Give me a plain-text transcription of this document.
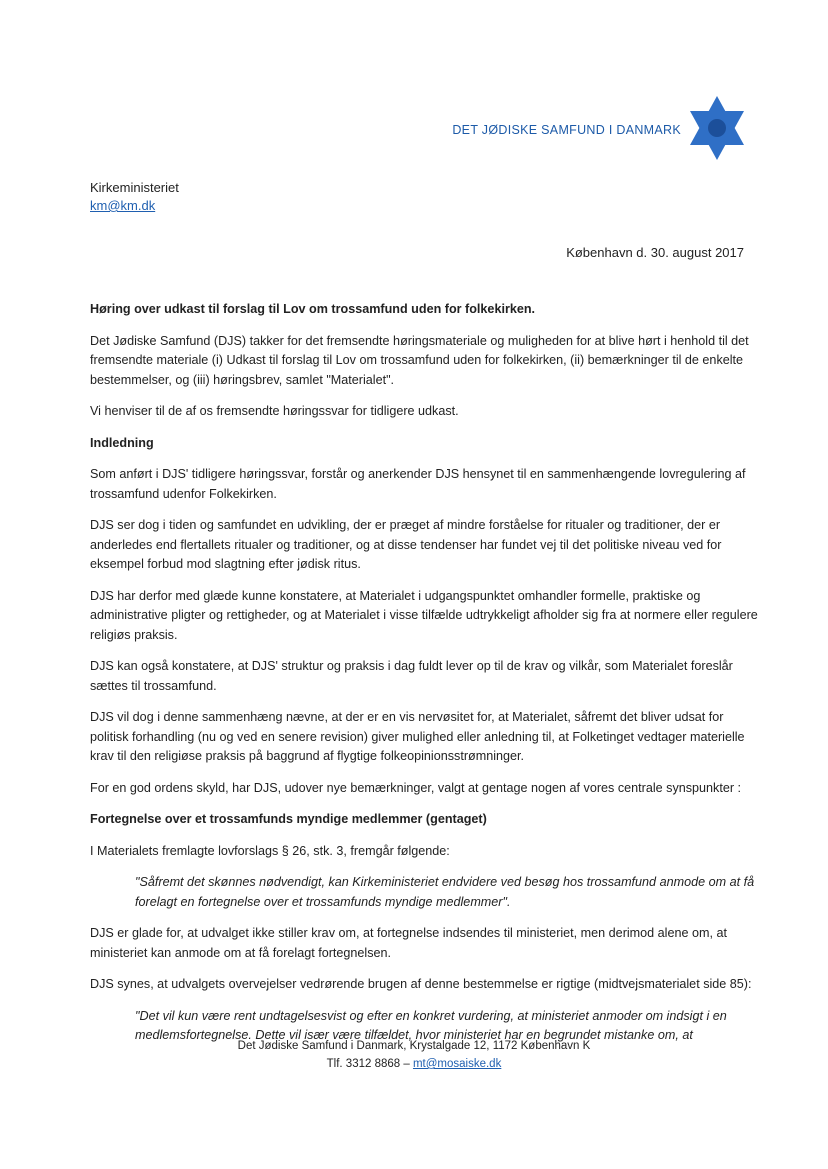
DET JØDISKE SAMFUND I DANMARK
Kirkeministeriet
km@km.dk
København d. 30. august 2017

Høring over udkast til forslag til Lov om trossamfund uden for folkekirken.

Det Jødiske Samfund (DJS) takker for det fremsendte høringsmateriale og muligheden for at blive hørt i henhold til det fremsendte materiale (i) Udkast til forslag til Lov om trossamfund uden for folkekirken, (ii) bemærkninger til de enkelte bestemmelser, og (iii) høringsbrev, samlet "Materialet".

Vi henviser til de af os fremsendte høringssvar for tidligere udkast.

Indledning

Som anført i DJS' tidligere høringssvar, forstår og anerkender DJS hensynet til en sammenhængende lovregulering af trossamfund udenfor Folkekirken.

DJS ser dog i tiden og samfundet en udvikling, der er præget af mindre forståelse for ritualer og traditioner, der er anderledes end flertallets ritualer og traditioner, og at disse tendenser har fundet vej til det politiske niveau ved for eksempel forbud mod slagtning efter jødisk ritus.

DJS har derfor med glæde kunne konstatere, at Materialet i udgangspunktet omhandler formelle, praktiske og administrative pligter og rettigheder, og at Materialet i visse tilfælde udtrykkeligt afholder sig fra at normere eller regulere religiøs praksis.

DJS kan også konstatere, at DJS' struktur og praksis i dag fuldt lever op til de krav og vilkår, som Materialet foreslår sættes til trossamfund.

DJS vil dog i denne sammenhæng nævne, at der er en vis nervøsitet for, at Materialet, såfremt det bliver udsat for politisk forhandling (nu og ved en senere revision) giver mulighed eller anledning til, at Folketinget vedtager materielle krav til den religiøse praksis på baggrund af flygtige folkeopinionsstrømninger.

For en god ordens skyld, har DJS, udover nye bemærkninger, valgt at gentage nogen af vores centrale synspunkter :

Fortegnelse over et trossamfunds myndige medlemmer (gentaget)

I Materialets fremlagte lovforslags § 26, stk. 3, fremgår følgende:

"Såfremt det skønnes nødvendigt, kan Kirkeministeriet endvidere ved besøg hos trossamfund anmode om at få forelagt en fortegnelse over et trossamfunds myndige medlemmer".

DJS er glade for, at udvalget ikke stiller krav om, at fortegnelse indsendes til ministeriet, men derimod alene om, at ministeriet kan anmode om at få forelagt fortegnelsen.

DJS synes, at udvalgets overvejelser vedrørende brugen af denne bestemmelse er rigtige (midtvejsmaterialet side 85):

"Det vil kun være rent undtagelsesvist og efter en konkret vurdering, at ministeriet anmoder om indsigt i en medlemsfortegnelse. Dette vil især være tilfældet, hvor ministeriet har en begrundet mistanke om, at

Det Jødiske Samfund i Danmark, Krystalgade 12, 1172 København K
Tlf. 3312 8868 – mt@mosaiske.dk
